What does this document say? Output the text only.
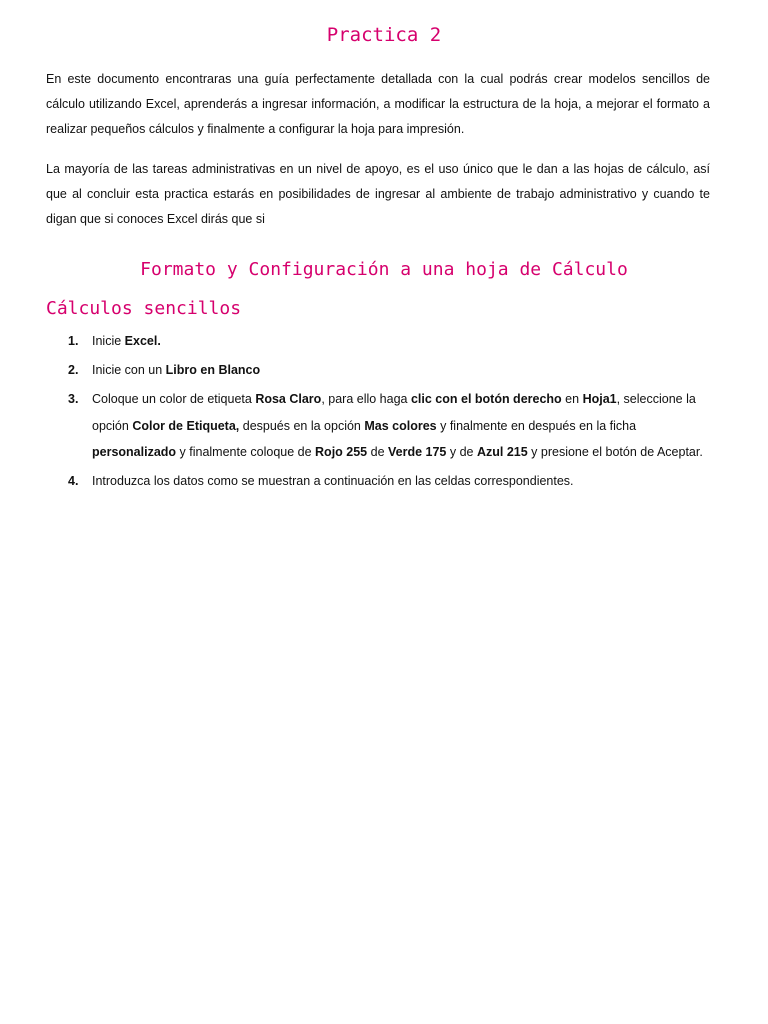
Practica 2

En este documento encontraras una guía perfectamente detallada con la cual podrás crear modelos sencillos de cálculo utilizando Excel, aprenderás a ingresar información, a modificar la estructura de la hoja, a mejorar el formato a realizar pequeños cálculos y finalmente a configurar la hoja para impresión.

La mayoría de las tareas administrativas en un nivel de apoyo, es el uso único que le dan a las hojas de cálculo, así que al concluir esta practica estarás en posibilidades de ingresar al ambiente de trabajo administrativo y cuando te digan que si conoces Excel dirás que si

Formato y Configuración a una hoja de Cálculo
Cálculos sencillos
1. Inicie Excel.
2. Inicie con un Libro en Blanco
3. Coloque un color de etiqueta Rosa Claro, para ello haga clic con el botón derecho en Hoja1, seleccione la opción Color de Etiqueta, después en la opción Mas colores y finalmente en después en la ficha personalizado y finalmente coloque de Rojo 255 de Verde 175 y de Azul 215 y presione el botón de Aceptar.
4. Introduzca los datos como se muestran a continuación en las celdas correspondientes.
